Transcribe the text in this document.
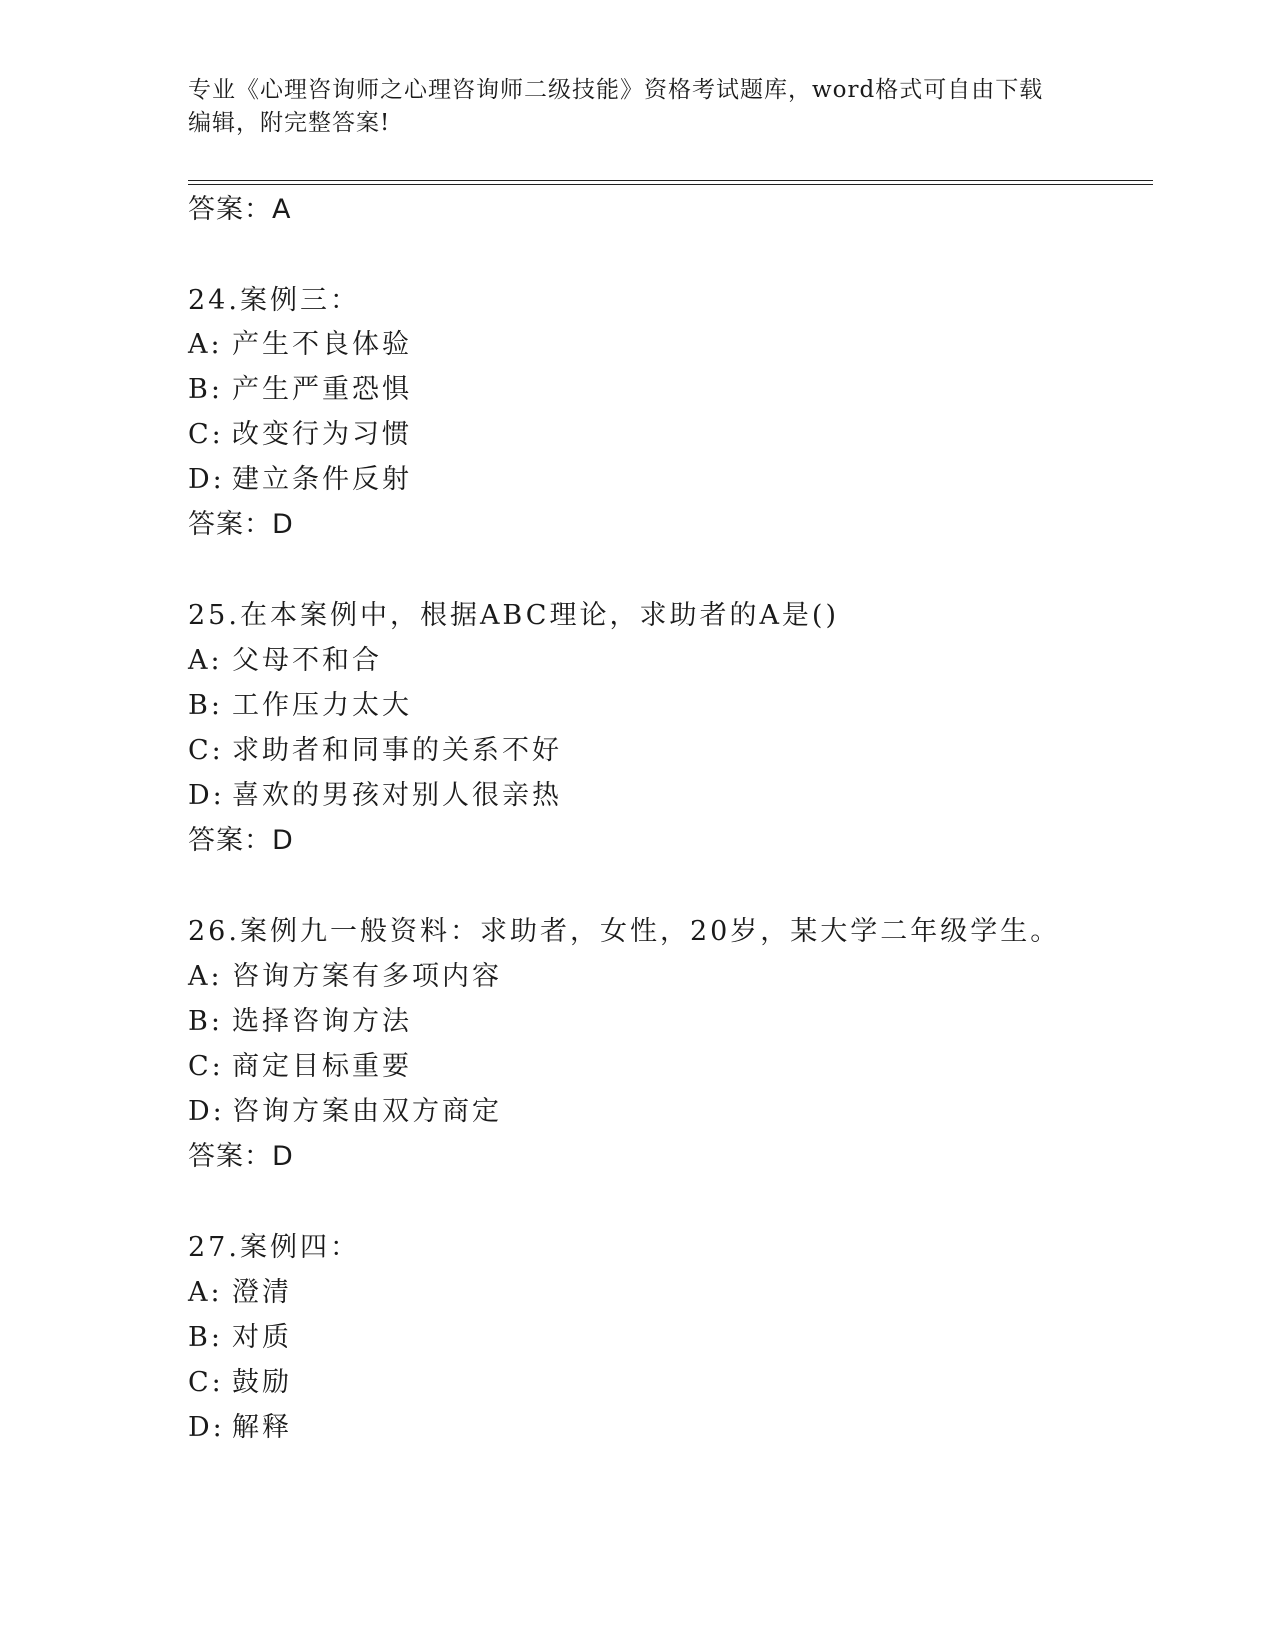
专业《心理咨询师之心理咨询师二级技能》资格考试题库，word格式可自由下载
编辑，附完整答案!
答案：A
24.案例三：
A: 产生不良体验
B: 产生严重恐惧
C: 改变行为习惯
D: 建立条件反射
答案：D
25.在本案例中，根据ABC理论，求助者的A是()
A: 父母不和合
B: 工作压力太大
C: 求助者和同事的关系不好
D: 喜欢的男孩对别人很亲热
答案：D
26.案例九一般资料：求助者，女性，20岁，某大学二年级学生。
A: 咨询方案有多项内容
B: 选择咨询方法
C: 商定目标重要
D: 咨询方案由双方商定
答案：D
27.案例四：
A: 澄清
B: 对质
C: 鼓励
D: 解释
